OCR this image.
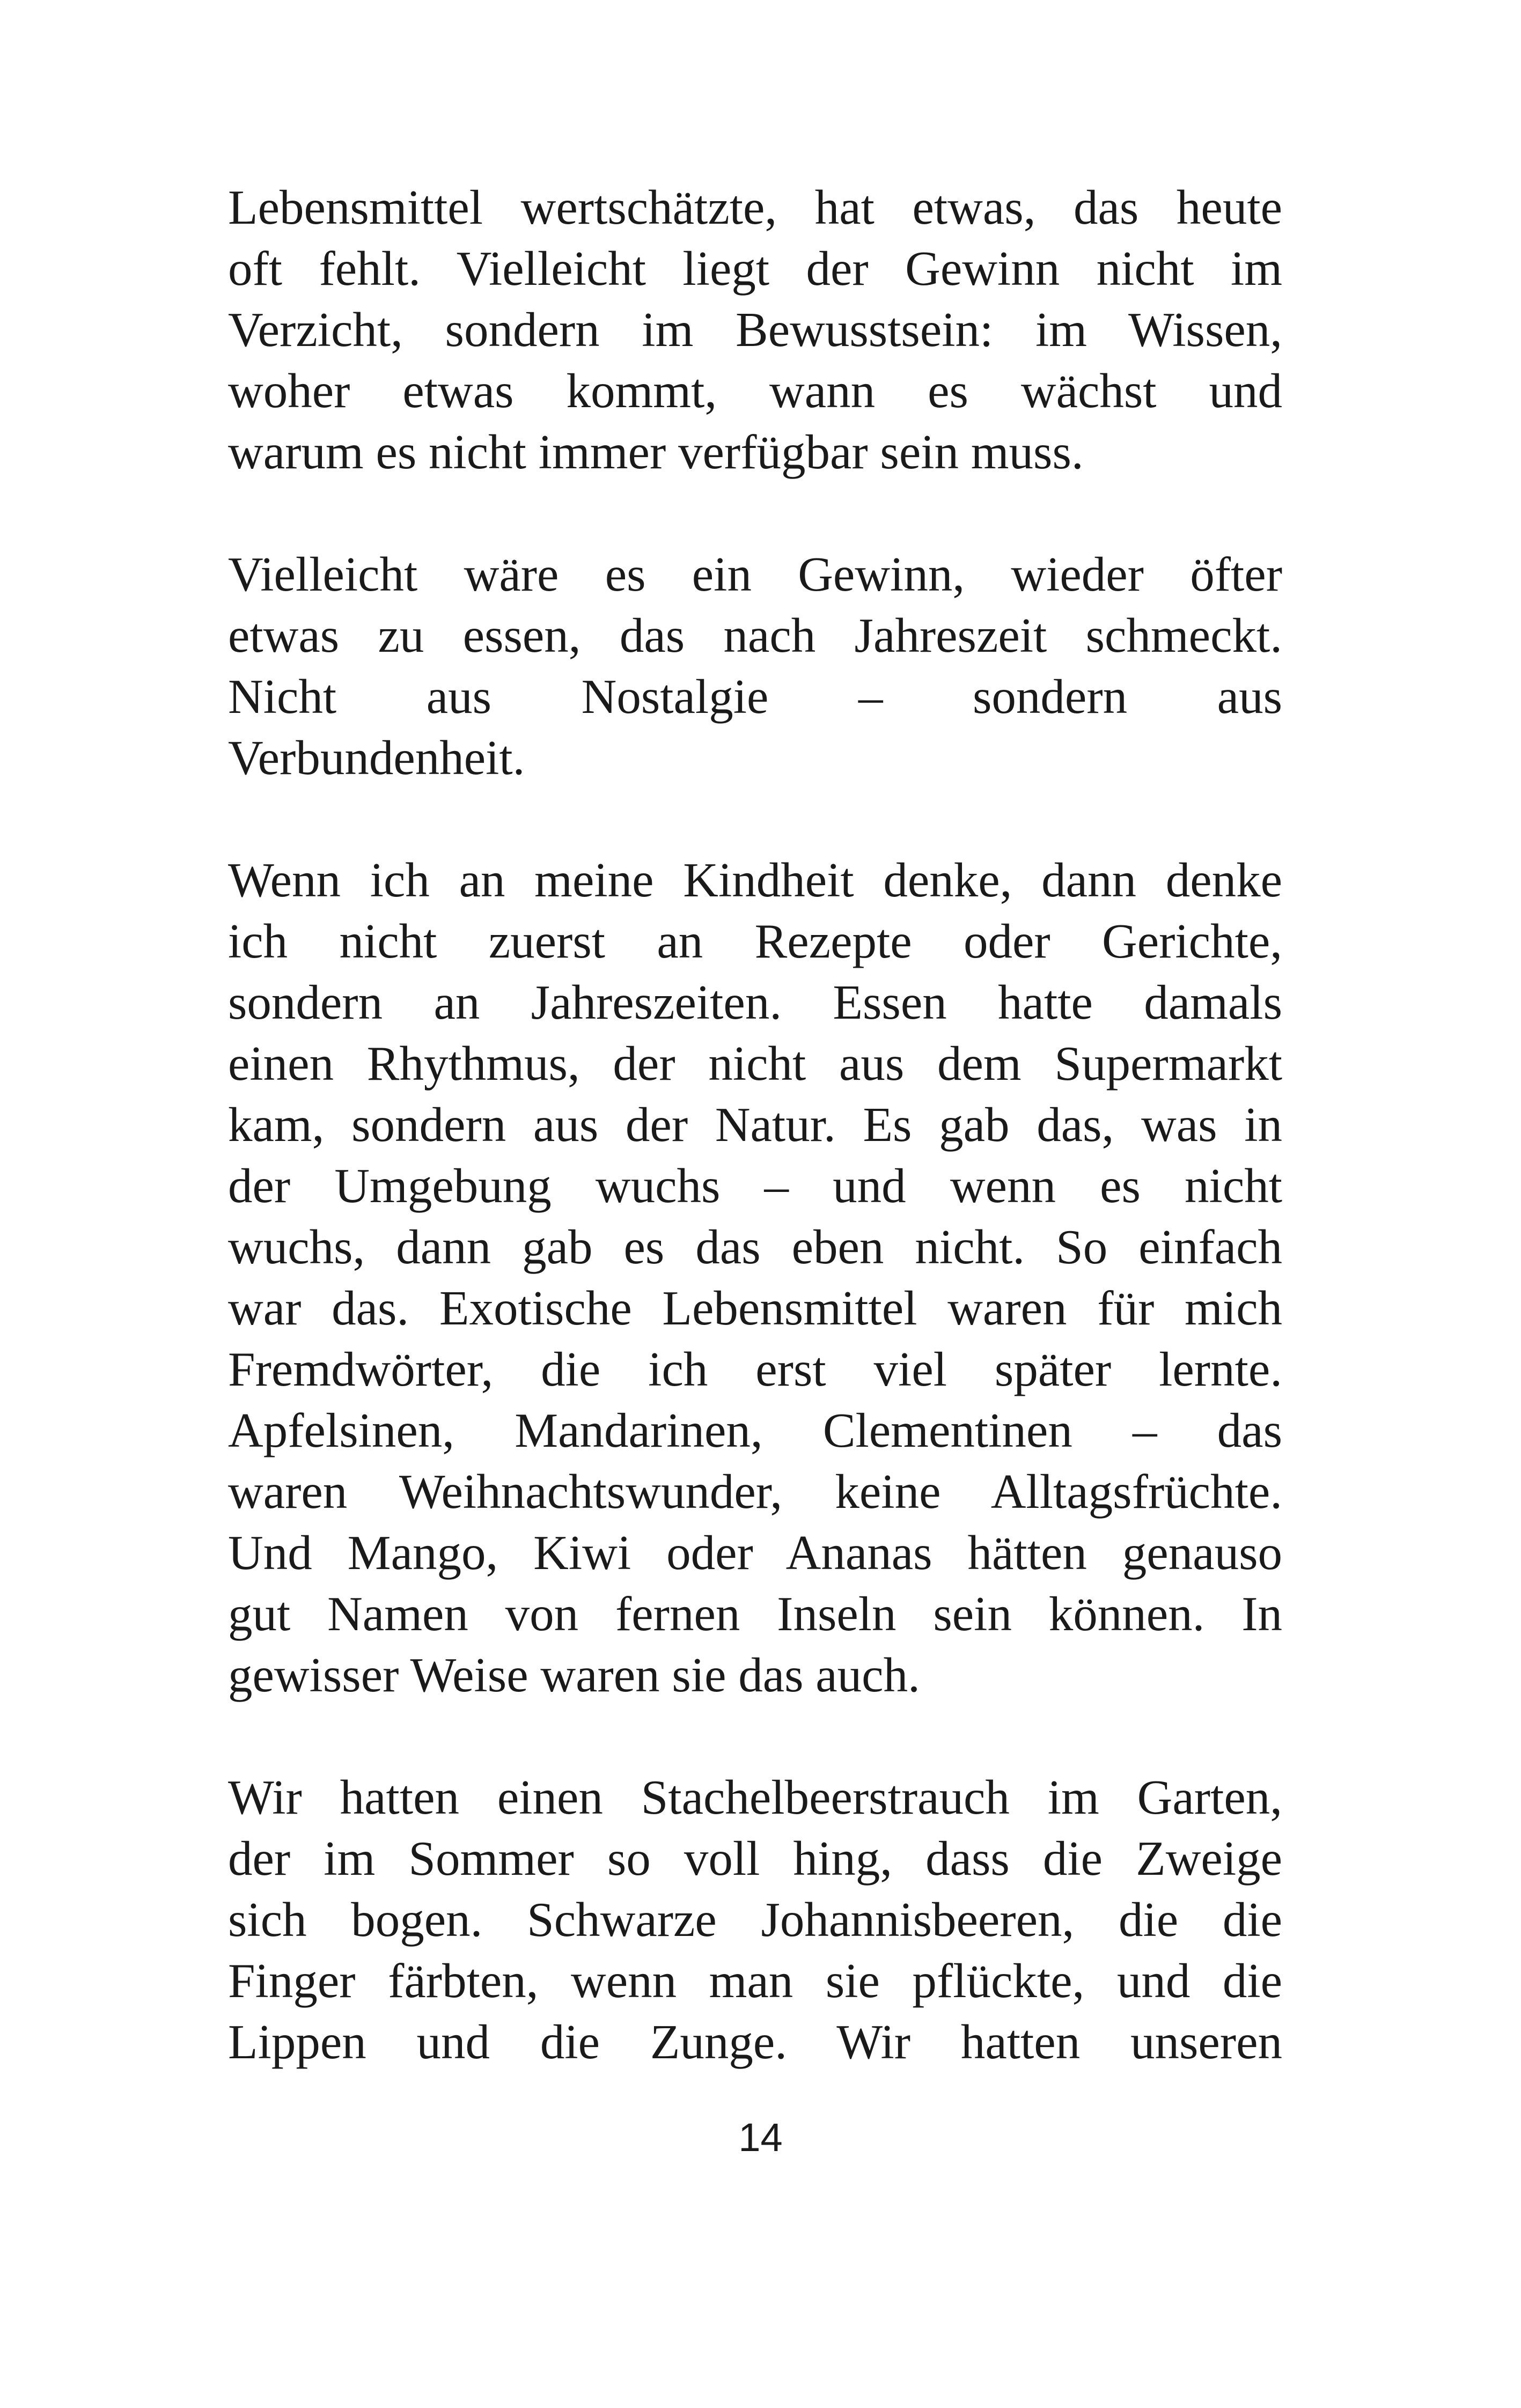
Lebensmittel wertschätzte, hat etwas, das heute
oft fehlt. Vielleicht liegt der Gewinn nicht im
Verzicht, sondern im Bewusstsein: im Wissen,
woher etwas kommt, wann es wächst und
warum es nicht immer verfügbar sein muss.

Vielleicht wäre es ein Gewinn, wieder öfter
etwas zu essen, das nach Jahreszeit schmeckt.
Nicht aus Nostalgie – sondern aus
Verbundenheit.

Wenn ich an meine Kindheit denke, dann denke
ich nicht zuerst an Rezepte oder Gerichte,
sondern an Jahreszeiten. Essen hatte damals
einen Rhythmus, der nicht aus dem Supermarkt
kam, sondern aus der Natur. Es gab das, was in
der Umgebung wuchs – und wenn es nicht
wuchs, dann gab es das eben nicht. So einfach
war das. Exotische Lebensmittel waren für mich
Fremdwörter, die ich erst viel später lernte.
Apfelsinen, Mandarinen, Clementinen – das
waren Weihnachtswunder, keine Alltagsfrüchte.
Und Mango, Kiwi oder Ananas hätten genauso
gut Namen von fernen Inseln sein können. In
gewisser Weise waren sie das auch.

Wir hatten einen Stachelbeerstrauch im Garten,
der im Sommer so voll hing, dass die Zweige
sich bogen. Schwarze Johannisbeeren, die die
Finger färbten, wenn man sie pflückte, und die
Lippen und die Zunge. Wir hatten unseren

14
